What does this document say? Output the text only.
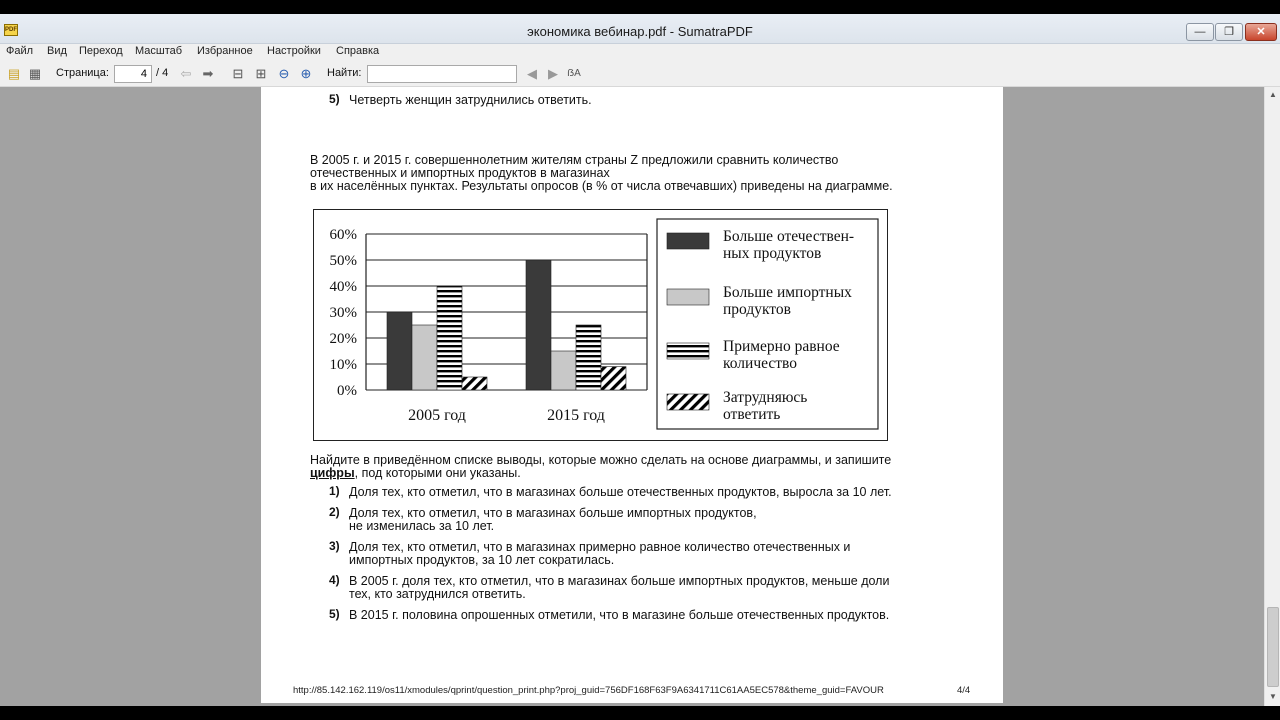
PDF	экономика вебинар.pdf - SumatraPDF	—	❐	✕
Файл Вид Переход Масштаб Избранное Настройки Справка
▤ ▦ Страница:
4	/ 4 ⇦ ➡ ⊟ ⊞ ⊖ ⊕ Найти:	◀ ▶ ẞA
5) Четверть женщин затруднились ответить.
В 2005 г. и 2015 г. совершеннолетним жителям страны Z предложили сравнить количество
отечественных и импортных продуктов в магазинах
в их населённых пунктах. Результаты опросов (в % от числа отвечавших) приведены на диаграмме.
0%
10%
20%
30%
40%
50%
60%
2005 год	2015 год
Больше отечествен-
ных продуктов
Больше импортных
продуктов
Примерно равное
количество
Затрудняюсь
ответить
Найдите в приведённом списке выводы, которые можно сделать на основе диаграммы, и запишите
цифры, под которыми они указаны.
1) Доля тех, кто отметил, что в магазинах больше отечественных продуктов, выросла за 10 лет.
2) Доля тех, кто отметил, что в магазинах больше импортных продуктов,
не изменилась за 10 лет.
3) Доля тех, кто отметил, что в магазинах примерно равное количество отечественных и
импортных продуктов, за 10 лет сократилась.
4) В 2005 г. доля тех, кто отметил, что в магазинах больше импортных продуктов, меньше доли
тех, кто затруднился ответить.
5) В 2015 г. половина опрошенных отметили, что в магазине больше отечественных продуктов.
http://85.142.162.119/os11/xmodules/qprint/question_print.php?proj_guid=756DF168F63F9A6341711C61AA5EC578&theme_guid=FAVOUR	4/4
▲
▼
